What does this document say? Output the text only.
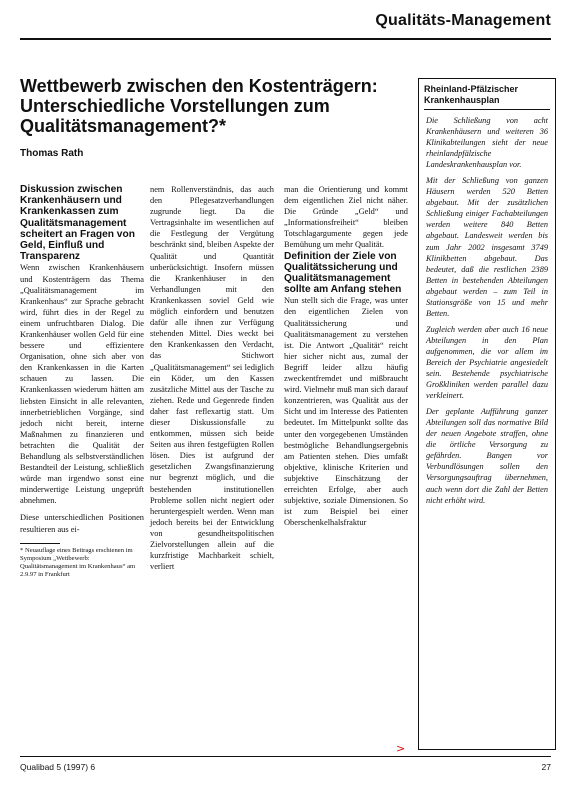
Qualitäts-Management
Wettbewerb zwischen den Kostenträgern: Unterschiedliche Vorstellungen zum Qualitätsmanagement?*
Thomas Rath

Diskussion zwischen Krankenhäusern und Krankenkassen zum Qualitätsmanagement scheitert an Fragen von Geld, Einfluß und Transparenz

Wenn zwischen Krankenhäusern und Kostenträgern das Thema „Qualitätsmanagement im Krankenhaus“ zur Sprache gebracht wird, führt dies in der Regel zu einem unfruchtbaren Dialog. Die Krankenhäuser wollen Geld für eine bessere und effizientere Organisation, ohne sich aber von den Krankenkassen in die Karten schauen zu lassen. Die Krankenkassen wiederum hätten am liebsten Einsicht in alle relevanten, innerbetrieblichen Vorgänge, sind jedoch nicht bereit, interne Maßnahmen zu finanzieren und betrachten die Qualität der Behandlung als selbstverständlichen Bestandteil der Leistung, schließlich würde man irgendwo sonst eine minderwertige Leistung ungeprüft abnehmen.

Diese unterschiedlichen Positionen resultieren aus ei-

* Neuauflage eines Beitrags erschienen im Symposium „Wettbewerb: Qualitätsmanagement im Krankenhaus“ am 2.9.97 in Frankfurt

nem Rollenverständnis, das auch den Pflegesatzverhandlungen zugrunde liegt. Da die Vertragsinhalte im wesentlichen auf die Festlegung der Vergütung beschränkt sind, bleiben Aspekte der Qualität und Quantität unberücksichtigt. Insofern müssen die Krankenhäuser in den Verhandlungen mit den Krankenkassen soviel Geld wie möglich einfordern und benutzen dafür alle ihnen zur Verfügung stehenden Mittel. Dies weckt bei den Krankenkassen den Verdacht, das Stichwort „Qualitätsmanagement“ sei lediglich ein Köder, um den Kassen zusätzliche Mittel aus der Tasche zu ziehen. Rede und Gegenrede finden daher fast reflexartig statt. Um dieser Diskussionsfalle zu entkommen, müssen sich beide Seiten aus ihren festgefügten Rollen lösen. Dies ist aufgrund der gesetzlichen Zwangsfinanzierung nur begrenzt möglich, und die bestehenden institutionellen Probleme sollen nicht negiert oder heruntergespielt werden. Wenn man jedoch bereits bei der Entwicklung von gesundheitspolitischen Zielvorstellungen allein auf die kurzfristige Machbarkeit schielt, verliert

man die Orientierung und kommt dem eigentlichen Ziel nicht näher. Die Gründe „Geld“ und „Informationsfreiheit“ bleiben Totschlagargumente gegen jede Bemühung um mehr Qualität.

Definition der Ziele von Qualitätssicherung und Qualitätsmanagement sollte am Anfang stehen

Nun stellt sich die Frage, was unter den eigentlichen Zielen von Qualitätssicherung und Qualitätsmanagement zu verstehen ist. Die Antwort „Qualität“ reicht hier sicher nicht aus, zumal der Begriff leider allzu häufig zweckentfremdet und mißbraucht wird. Vielmehr muß man sich darauf konzentrieren, was Qualität aus der Sicht und im Interesse des Patienten bedeutet. Im Mittelpunkt sollte das unter den vorgegebenen Umständen bestmögliche Behandlungsergebnis am Patienten stehen. Dies umfaßt objektive, klinische Kriterien und subjektive Einschätzung der erreichten Erfolge, aber auch subjektive, soziale Dimensionen. So ist zum Beispiel bei einer Oberschenkelhalsfraktur

>
Rheinland-Pfälzischer Krankenhausplan

Die Schließung von acht Krankenhäusern und weiteren 36 Klinikabteilungen sieht der neue rheinlandpfälzische Landeskrankenhausplan vor.

Mit der Schließung von ganzen Häusern werden 520 Betten abgebaut. Mit der zusätzlichen Schließung einiger Fachabteilungen werden weitere 840 Betten abgebaut. Landesweit werden bis zum Jahr 2002 insgesamt 3749 Klinikbetten abgebaut. Das bedeutet, daß die restlichen 2389 Betten in bestehenden Abteilungen abgebaut werden – zum Teil in Stationsgröße von 15 und mehr Betten.

Zugleich werden aber auch 16 neue Abteilungen in den Plan aufgenommen, die vor allem im Bereich der Psychiatrie angesiedelt sein. Bestehende psychiatrische Großkliniken werden parallel dazu verkleinert.

Der geplante Aufführung ganzer Abteilungen soll das normative Bild der neuen Angebote straffen, ohne die örtliche Versorgung zu gefährden. Bangen vor Verbundlösungen sollen den Versorgungsauftrag übernehmen, auch wenn dort die Zahl der Betten nicht erhöht wird.

Qualibad 5 (1997) 6	27
